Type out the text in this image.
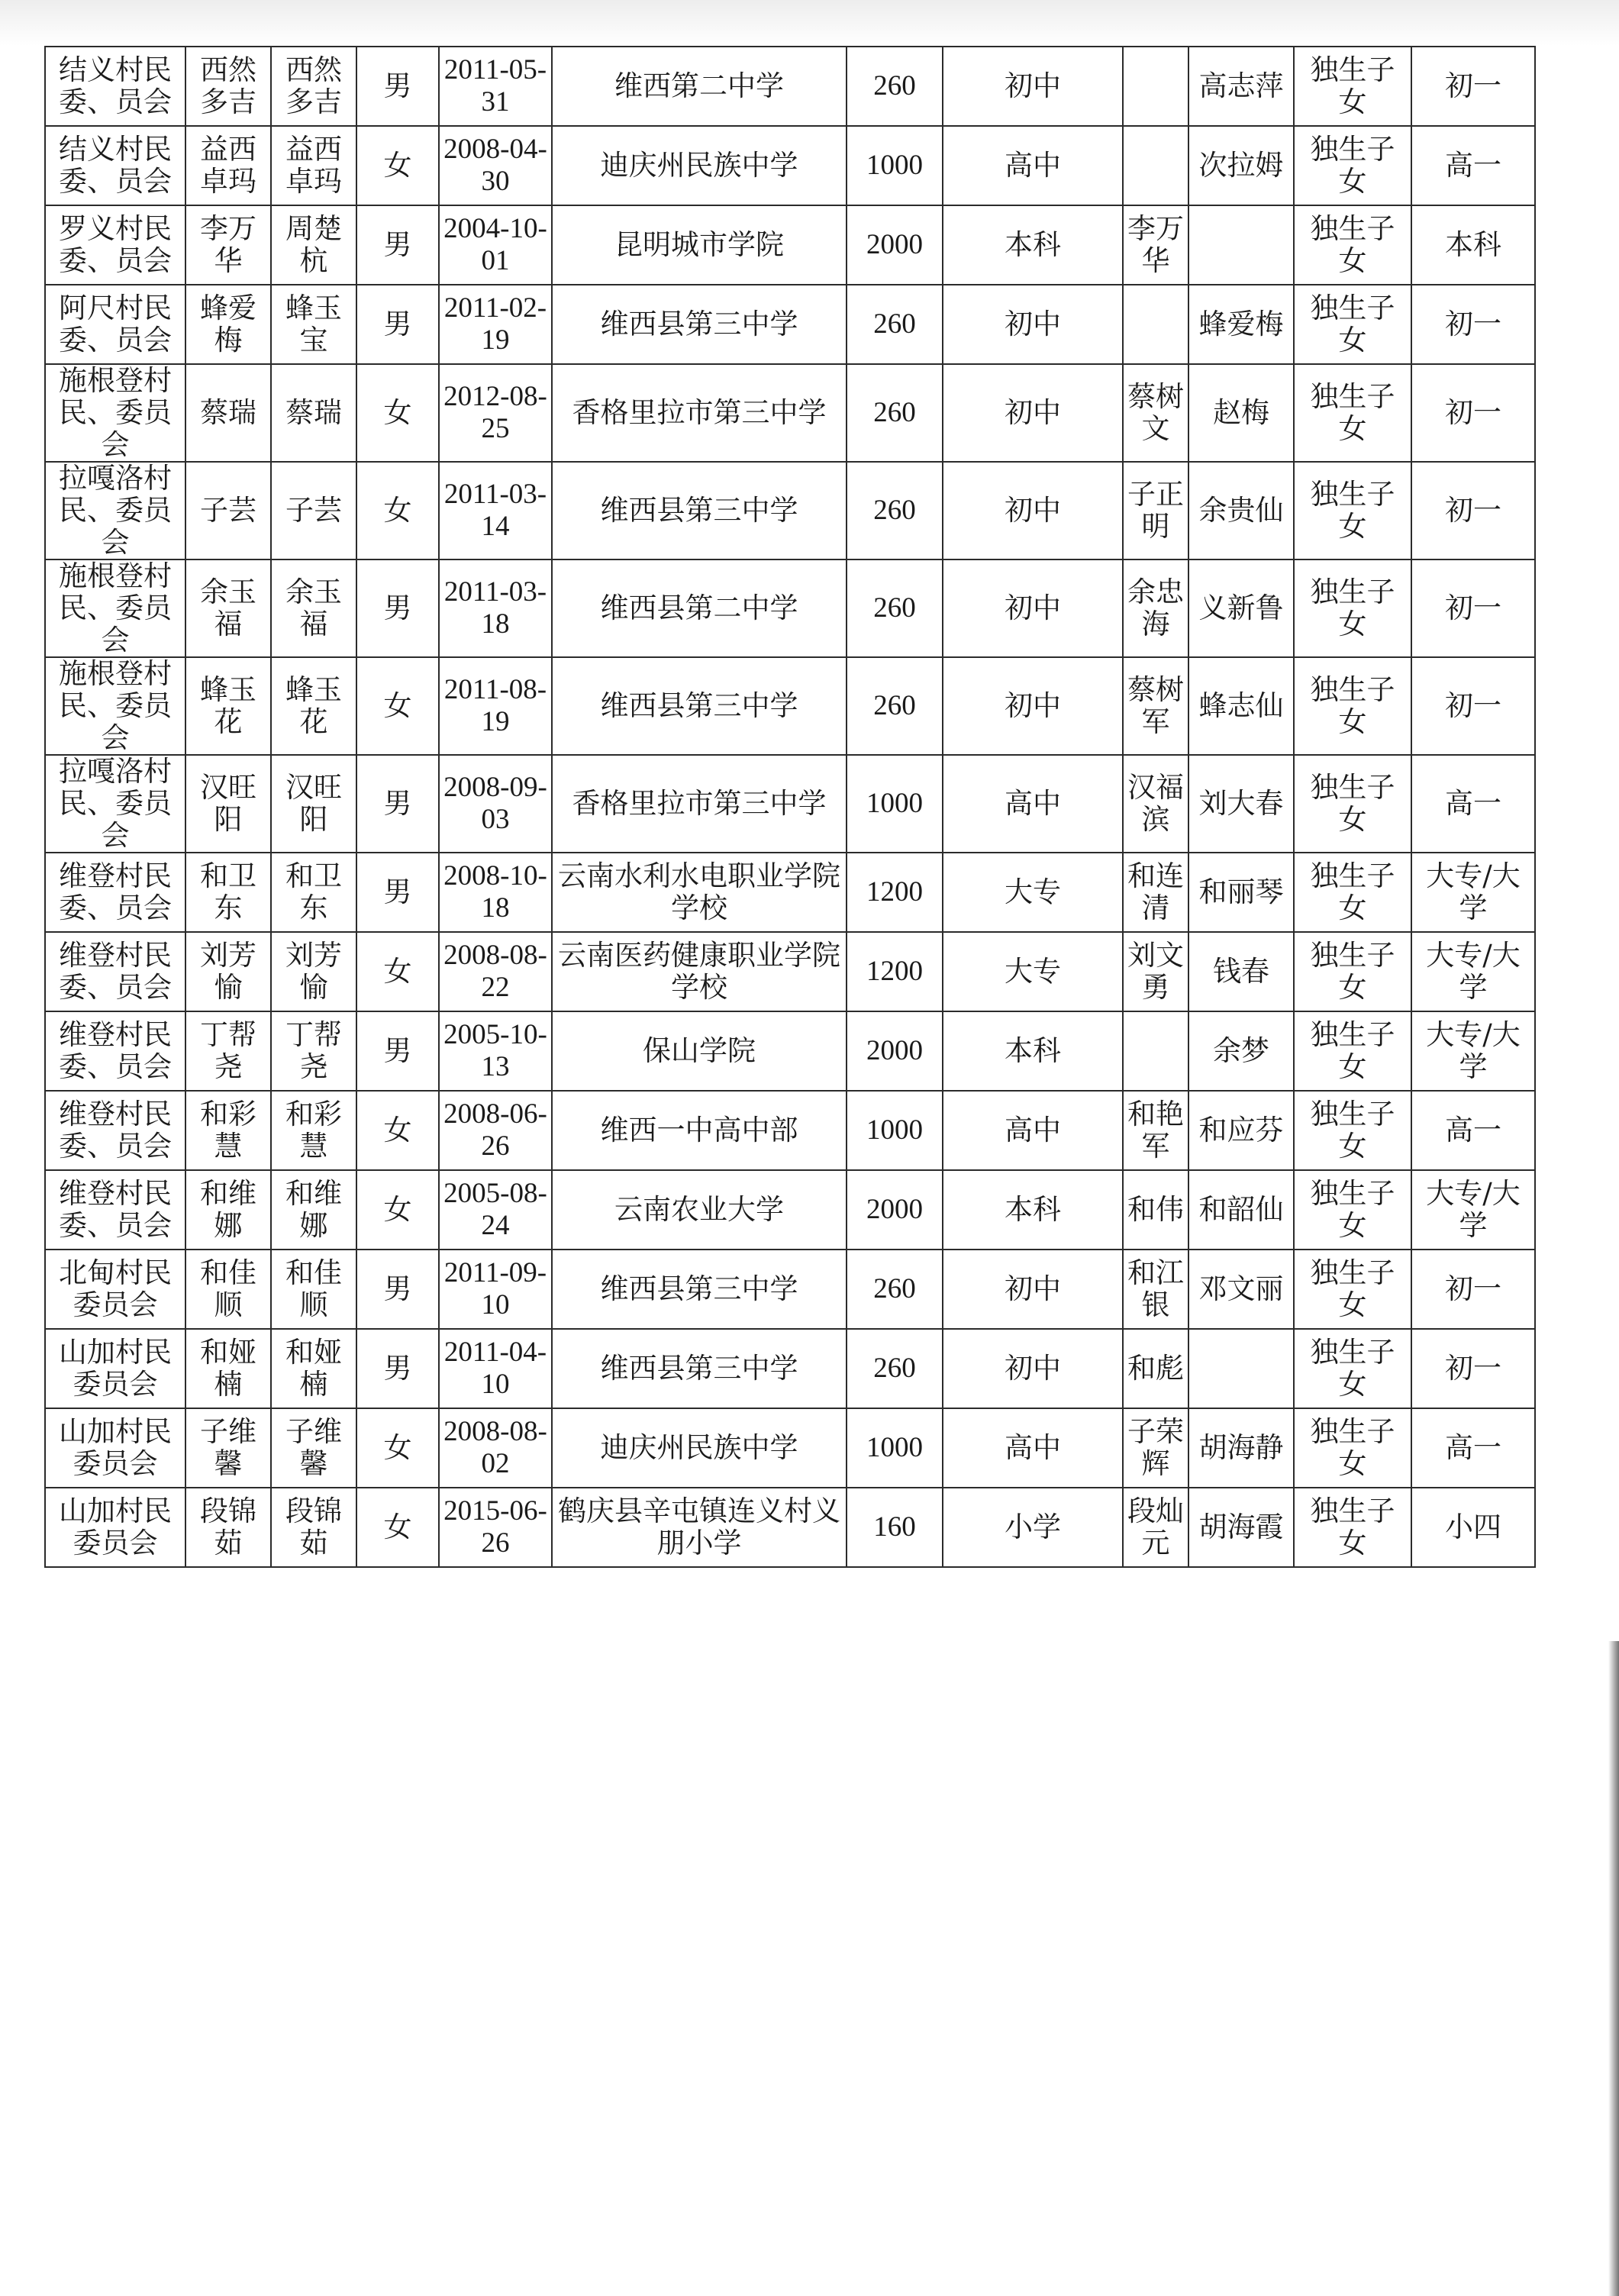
结义村民委、员会	西然多吉	西然多吉	男	2011-05-31	维西第二中学	260	初中		高志萍	独生子女	初一
结义村民委、员会	益西卓玛	益西卓玛	女	2008-04-30	迪庆州民族中学	1000	高中		次拉姆	独生子女	高一
罗义村民委、员会	李万华	周楚杭	男	2004-10-01	昆明城市学院	2000	本科	李万华		独生子女	本科
阿尺村民委、员会	蜂爱梅	蜂玉宝	男	2011-02-19	维西县第三中学	260	初中		蜂爱梅	独生子女	初一
施根登村民、委员会	蔡瑞	蔡瑞	女	2012-08-25	香格里拉市第三中学	260	初中	蔡树文	赵梅	独生子女	初一
拉嘎洛村民、委员会	子芸	子芸	女	2011-03-14	维西县第三中学	260	初中	子正明	余贵仙	独生子女	初一
施根登村民、委员会	余玉福	余玉福	男	2011-03-18	维西县第二中学	260	初中	余忠海	义新鲁	独生子女	初一
施根登村民、委员会	蜂玉花	蜂玉花	女	2011-08-19	维西县第三中学	260	初中	蔡树军	蜂志仙	独生子女	初一
拉嘎洛村民、委员会	汉旺阳	汉旺阳	男	2008-09-03	香格里拉市第三中学	1000	高中	汉福滨	刘大春	独生子女	高一
维登村民委、员会	和卫东	和卫东	男	2008-10-18	云南水利水电职业学院学校	1200	大专	和连清	和丽琴	独生子女	大专/大学
维登村民委、员会	刘芳愉	刘芳愉	女	2008-08-22	云南医药健康职业学院学校	1200	大专	刘文勇	钱春	独生子女	大专/大学
维登村民委、员会	丁帮尧	丁帮尧	男	2005-10-13	保山学院	2000	本科		余梦	独生子女	大专/大学
维登村民委、员会	和彩慧	和彩慧	女	2008-06-26	维西一中高中部	1000	高中	和艳军	和应芬	独生子女	高一
维登村民委、员会	和维娜	和维娜	女	2005-08-24	云南农业大学	2000	本科	和伟	和韶仙	独生子女	大专/大学
北甸村民委员会	和佳顺	和佳顺	男	2011-09-10	维西县第三中学	260	初中	和江银	邓文丽	独生子女	初一
山加村民委员会	和娅楠	和娅楠	男	2011-04-10	维西县第三中学	260	初中	和彪		独生子女	初一
山加村民委员会	子维馨	子维馨	女	2008-08-02	迪庆州民族中学	1000	高中	子荣辉	胡海静	独生子女	高一
山加村民委员会	段锦茹	段锦茹	女	2015-06-26	鹤庆县辛屯镇连义村义朋小学	160	小学	段灿元	胡海霞	独生子女	小四
